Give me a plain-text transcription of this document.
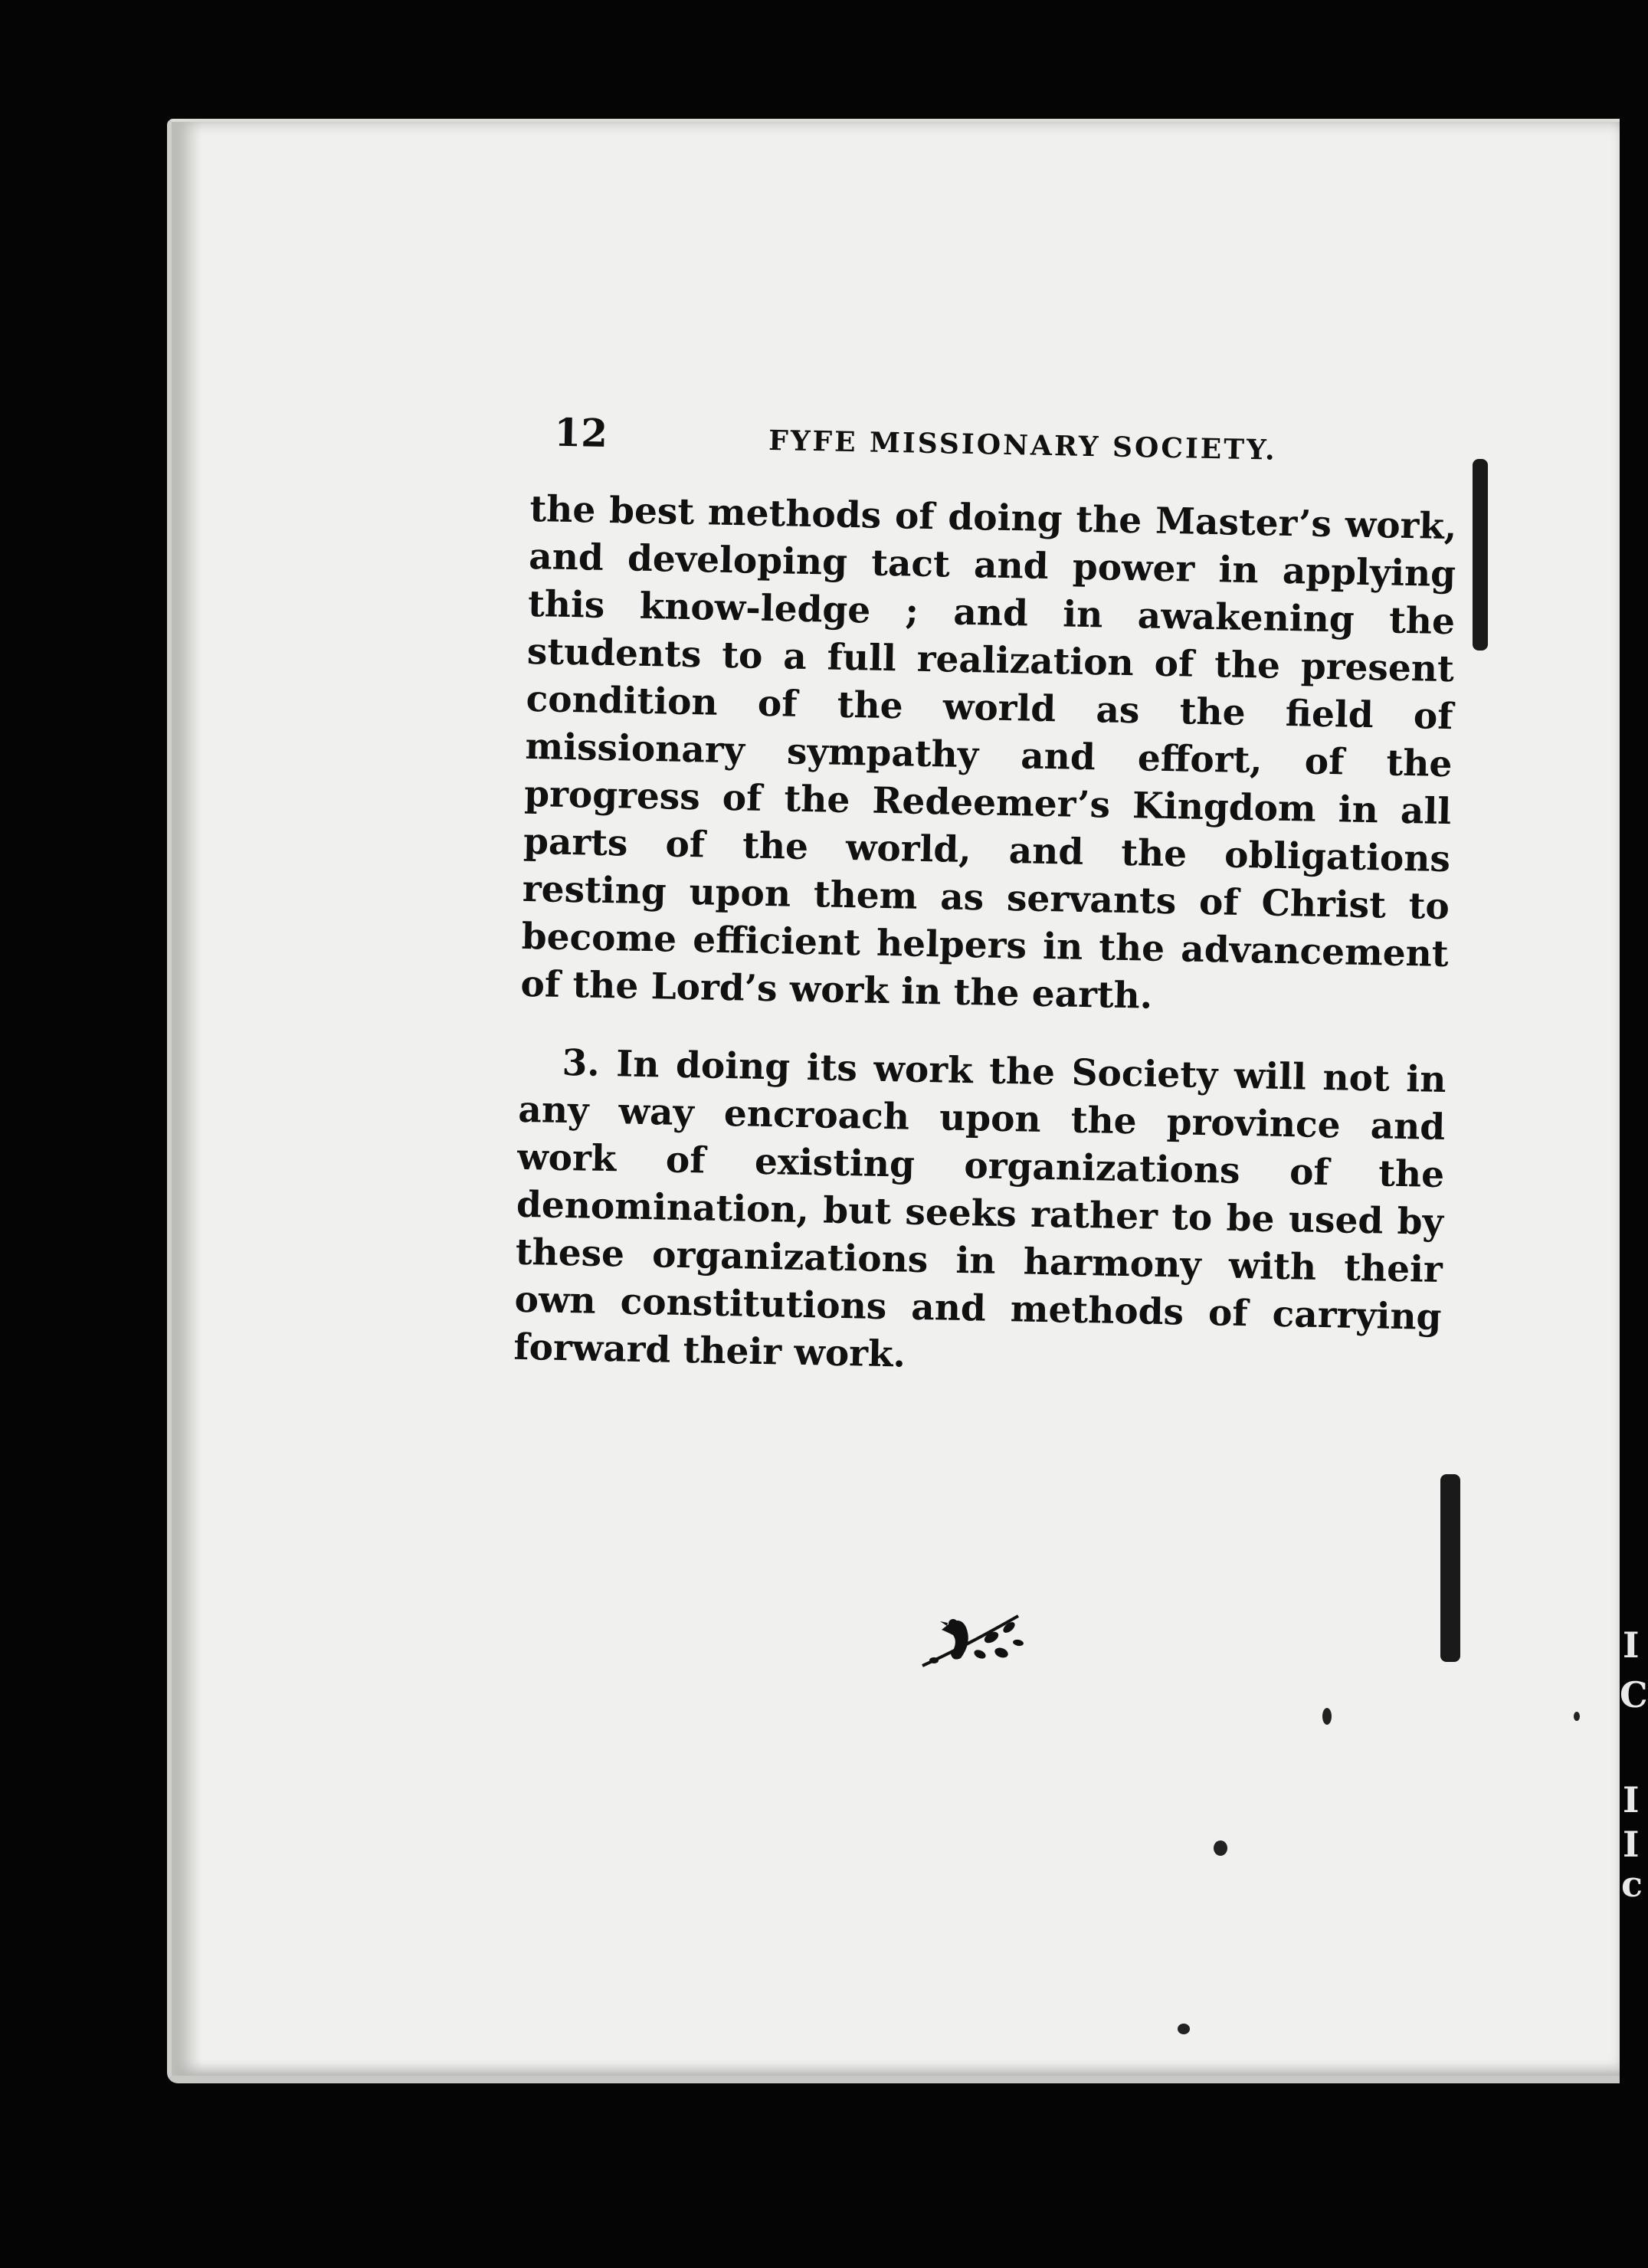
12	FYFE MISSIONARY SOCIETY.

the best methods of doing the Master’s work, and developing tact and power in applying this know-ledge ; and in awakening the students to a full realization of the present condition of the world as the field of missionary sympathy and effort, of the progress of the Redeemer’s Kingdom in all parts of the world, and the obligations resting upon them as servants of Christ to become efficient helpers in the advancement of the Lord’s work in the earth.

3. In doing its work the Society will not in any way encroach upon the province and work of existing organizations of the denomination, but seeks rather to be used by these organizations in harmony with their own constitutions and methods of carrying forward their work.

I
C
I
I
c
